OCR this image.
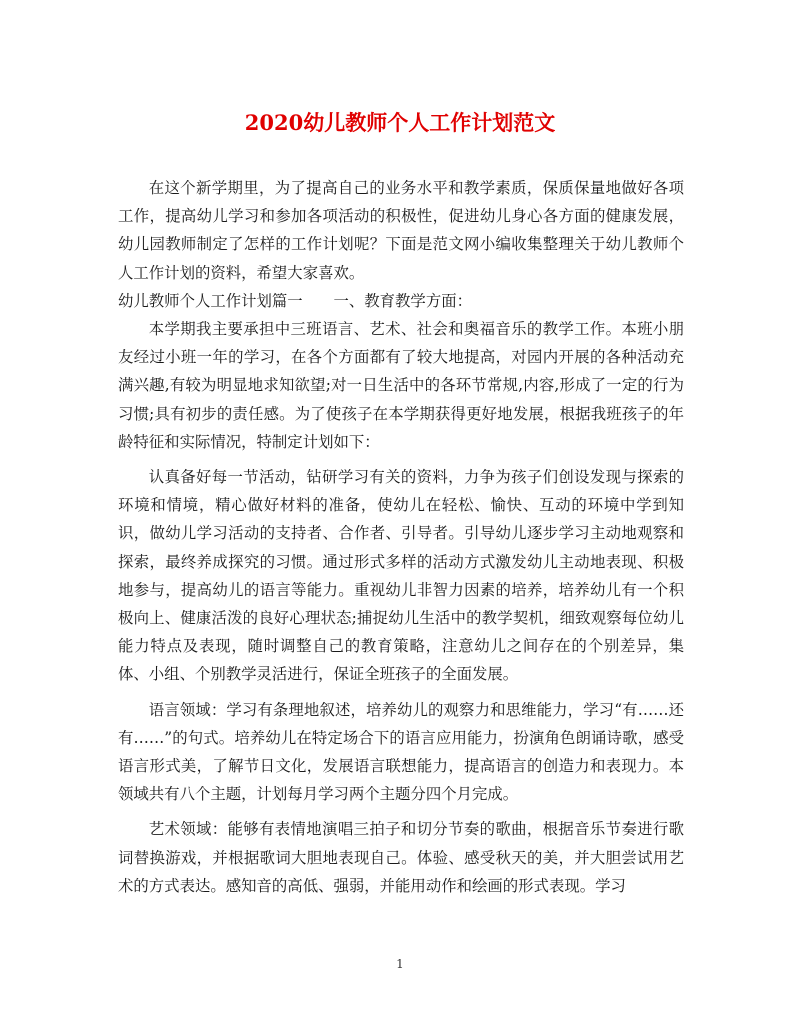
2020幼儿教师个人工作计划范文

在这个新学期里，为了提高自己的业务水平和教学素质，保质保量地做好各项工作，提高幼儿学习和参加各项活动的积极性，促进幼儿身心各方面的健康发展，幼儿园教师制定了怎样的工作计划呢？下面是范文网小编收集整理关于幼儿教师个人工作计划的资料，希望大家喜欢。

幼儿教师个人工作计划篇一　　一、教育教学方面：

本学期我主要承担中三班语言、艺术、社会和奥福音乐的教学工作。本班小朋友经过小班一年的学习，在各个方面都有了较大地提高，对园内开展的各种活动充满兴趣,有较为明显地求知欲望;对一日生活中的各环节常规,内容,形成了一定的行为习惯;具有初步的责任感。为了使孩子在本学期获得更好地发展，根据我班孩子的年龄特征和实际情况，特制定计划如下：

认真备好每一节活动，钻研学习有关的资料，力争为孩子们创设发现与探索的环境和情境，精心做好材料的准备，使幼儿在轻松、愉快、互动的环境中学到知识，做幼儿学习活动的支持者、合作者、引导者。引导幼儿逐步学习主动地观察和探索，最终养成探究的习惯。通过形式多样的活动方式激发幼儿主动地表现、积极地参与，提高幼儿的语言等能力。重视幼儿非智力因素的培养，培养幼儿有一个积极向上、健康活泼的良好心理状态;捕捉幼儿生活中的教学契机，细致观察每位幼儿能力特点及表现，随时调整自己的教育策略，注意幼儿之间存在的个别差异，集体、小组、个别教学灵活进行，保证全班孩子的全面发展。

语言领域：学习有条理地叙述，培养幼儿的观察力和思维能力，学习“有……还有……”的句式。培养幼儿在特定场合下的语言应用能力，扮演角色朗诵诗歌，感受语言形式美，了解节日文化，发展语言联想能力，提高语言的创造力和表现力。本领域共有八个主题，计划每月学习两个主题分四个月完成。

艺术领域：能够有表情地演唱三拍子和切分节奏的歌曲，根据音乐节奏进行歌词替换游戏，并根据歌词大胆地表现自己。体验、感受秋天的美，并大胆尝试用艺术的方式表达。感知音的高低、强弱，并能用动作和绘画的形式表现。学习

1
